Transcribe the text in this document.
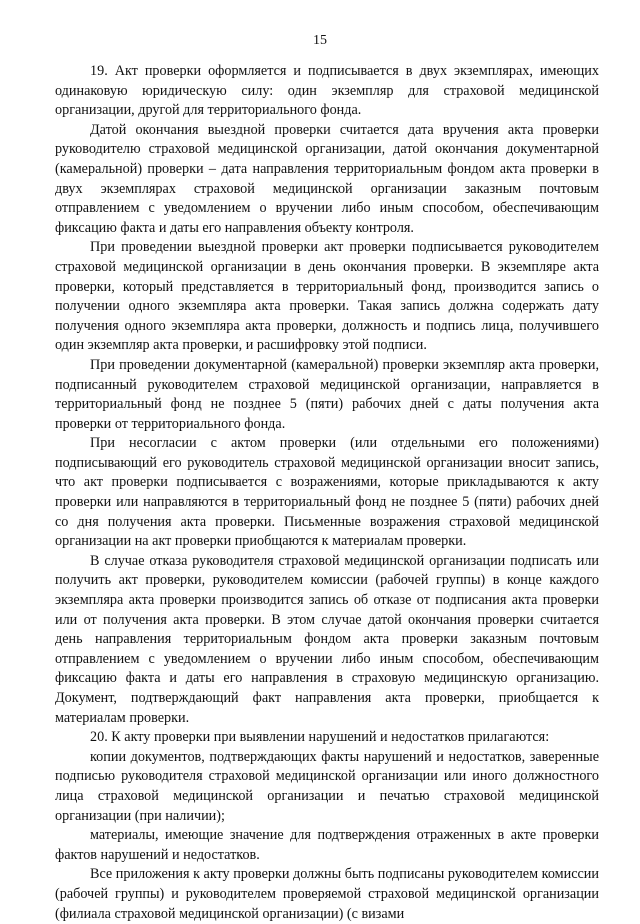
15

19. Акт проверки оформляется и подписывается в двух экземплярах, имеющих одинаковую юридическую силу: один экземпляр для страховой медицинской организации, другой для территориального фонда.

Датой окончания выездной проверки считается дата вручения акта проверки руководителю страховой медицинской организации, датой окончания документарной (камеральной) проверки – дата направления территориальным фондом акта проверки в двух экземплярах страховой медицинской организации заказным почтовым отправлением с уведомлением о вручении либо иным способом, обеспечивающим фиксацию факта и даты его направления объекту контроля.

При проведении выездной проверки акт проверки подписывается руководителем страховой медицинской организации в день окончания проверки. В экземпляре акта проверки, который представляется в территориальный фонд, производится запись о получении одного экземпляра акта проверки. Такая запись должна содержать дату получения одного экземпляра акта проверки, должность и подпись лица, получившего один экземпляр акта проверки, и расшифровку этой подписи.

При проведении документарной (камеральной) проверки экземпляр акта проверки, подписанный руководителем страховой медицинской организации, направляется в территориальный фонд не позднее 5 (пяти) рабочих дней с даты получения акта проверки от территориального фонда.

При несогласии с актом проверки (или отдельными его положениями) подписывающий его руководитель страховой медицинской организации вносит запись, что акт проверки подписывается с возражениями, которые прикладываются к акту проверки или направляются в территориальный фонд не позднее 5 (пяти) рабочих дней со дня получения акта проверки. Письменные возражения страховой медицинской организации на акт проверки приобщаются к материалам проверки.

В случае отказа руководителя страховой медицинской организации подписать или получить акт проверки, руководителем комиссии (рабочей группы) в конце каждого экземпляра акта проверки производится запись об отказе от подписания акта проверки или от получения акта проверки. В этом случае датой окончания проверки считается день направления территориальным фондом акта проверки заказным почтовым отправлением с уведомлением о вручении либо иным способом, обеспечивающим фиксацию факта и даты его направления в страховую медицинскую организацию. Документ, подтверждающий факт направления акта проверки, приобщается к материалам проверки.

20. К акту проверки при выявлении нарушений и недостатков прилагаются:

копии документов, подтверждающих факты нарушений и недостатков, заверенные подписью руководителя страховой медицинской организации или иного должностного лица страховой медицинской организации и печатью страховой медицинской организации (при наличии);

материалы, имеющие значение для подтверждения отраженных в акте проверки фактов нарушений и недостатков.

Все приложения к акту проверки должны быть подписаны руководителем комиссии (рабочей группы) и руководителем проверяемой страховой медицинской организации (филиала страховой медицинской организации) (с визами
